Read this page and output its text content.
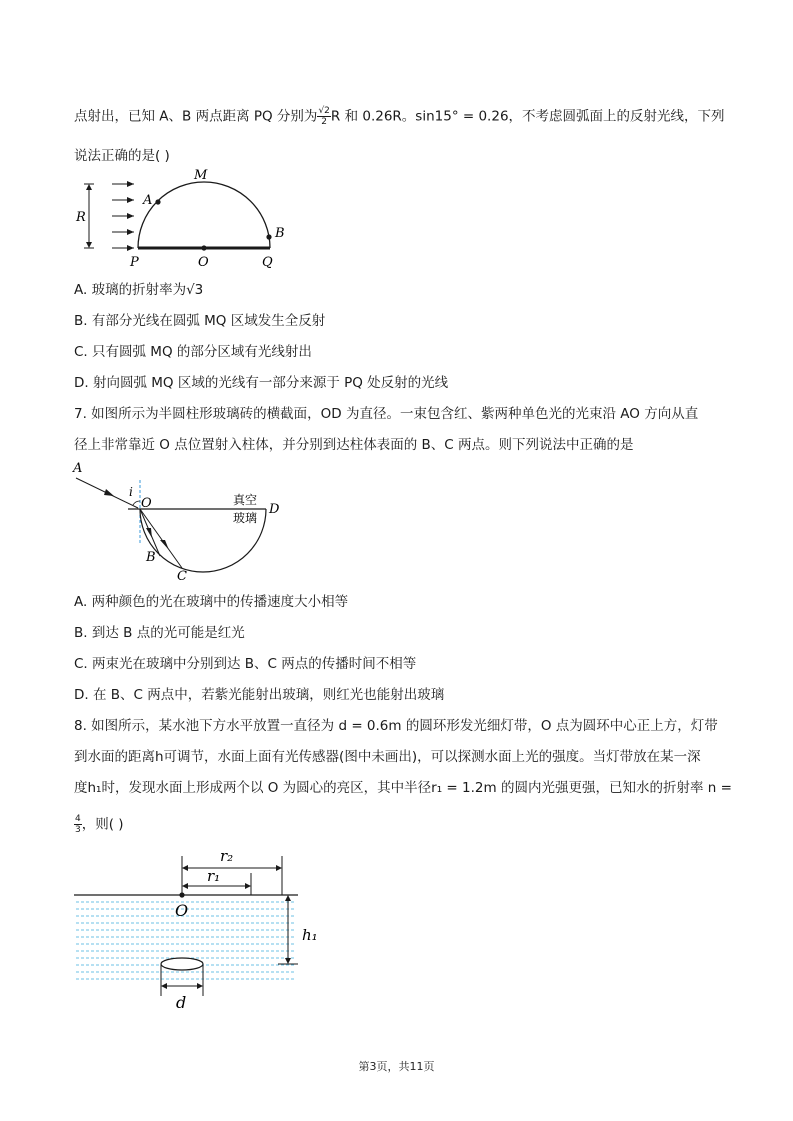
点射出，已知 A、B 两点距离 PQ 分别为 $\frac{√2}{2}$ R 和 0.26R。sin15° = 0.26，不考虑圆弧面上的反射光线，下列
说法正确的是( )
R
M
A
B
P	O	Q
A. 玻璃的折射率为√3
B. 有部分光线在圆弧 MQ 区域发生全反射
C. 只有圆弧 MQ 的部分区域有光线射出
D. 射向圆弧 MQ 区域的光线有一部分来源于 PQ 处反射的光线
7. 如图所示为半圆柱形玻璃砖的横截面，OD 为直径。一束包含红、紫两种单色光的光束沿 AO 方向从直
径上非常靠近 O 点位置射入柱体，并分别到达柱体表面的 B、C 两点。则下列说法中正确的是
A
i
O	真空
玻璃
D
B
C
A. 两种颜色的光在玻璃中的传播速度大小相等
B. 到达 B 点的光可能是红光
C. 两束光在玻璃中分别到达 B、C 两点的传播时间不相等
D. 在 B、C 两点中，若紫光能射出玻璃，则红光也能射出玻璃
8. 如图所示，某水池下方水平放置一直径为 d = 0.6m 的圆环形发光细灯带，O 点为圆环中心正上方，灯带
到水面的距离h可调节，水面上面有光传感器(图中未画出)，可以探测水面上光的强度。当灯带放在某一深
度h₁时，发现水面上形成两个以 O 为圆心的亮区，其中半径r₁ = 1.2m 的圆内光强更强，已知水的折射率 n =
$\frac{4}{3}$ ，则( )
r₂
r₁
O
h₁
d
第3页，共11页
